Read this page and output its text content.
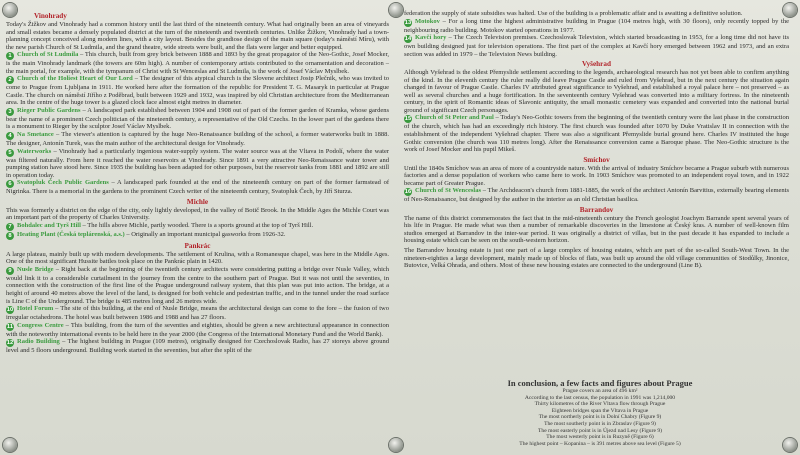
Vinohrady

Today's Žižkov and Vinohrady had a common history until the last third of the nineteenth century. What had originally been an area of vineyards and small estates became a densely populated district at the turn of the nineteenth and twentieth centuries. Unlike Žižkov, Vinohrady had a town-planning concept conceived along modern lines, with a city layout. Besides the grandiose design of the main square (today's náměstí Míru), with the new parish Church of St Ludmila, and the grand theatre, wide streets were built, and the flats were larger and better equipped.

1 Church of St Ludmila – This church, built from grey brick between 1888 and 1893 by the great propagator of the Neo-Gothic, Josef Mocker, is the main Vinohrady landmark (the towers are 60m high). A number of contemporary artists contributed to the ornamentation and decoration – the main portal, for example, with the tympanum of Christ with St Wenceslas and St Ludmila, is the work of Josef Václav Myslbek.

2 Church of the Holiest Heart of Our Lord – The designer of this atypical church is the Slovene architect Josip Plečnik, who was invited to come to Prague from Ljubljana in 1911. He worked here after the formation of the republic for President T. G. Masaryk in particular at Prague Castle. The church on náměstí Jiřího z Poděbrad, built between 1929 and 1932, was inspired by old Christian architecture from the Mediterranean area. In the centre of the huge tower is a glazed clock face almost eight metres in diameter.

3 Rieger Public Gardens – A landscaped park established between 1904 and 1908 out of part of the former garden of Kramka, whose gardens bear the name of a prominent Czech politician of the nineteenth century, a representative of the Old Czechs. In the lower part of the gardens there is a monument to Rieger by the sculptor Josef Václav Myslbek.

4 Na Smetance – The viewer's attention is captured by the huge Neo-Renaissance building of the school, a former waterworks built in 1888. The designer, Antonín Turek, was the main author of the architectural design for Vinohrady.

5 Waterworks – Vinohrady had a particularly ingenious water-supply system. The water source was at the Vltava in Podolí, where the water was filtered naturally. From here it reached the water reservoirs at Vinohrady. Since 1891 a very attractive Neo-Renaissance water tower and pumping station have stood here. Since 1935 the building has been adapted for other purposes, but the reservoir tanks from 1881 and 1892 are still in operation today.

6 Svatopluk Čech Public Gardens – A landscaped park founded at the end of the nineteenth century on part of the former farmstead of Nigrinka. There is a memorial in the gardens to the prominent Czech writer of the nineteenth century, Svatopluk Čech, by Jiří Sturza.

Michle

This was formerly a district on the edge of the city, only lightly developed, in the valley of Botič Brook. In the Middle Ages the Michle Court was an important part of the property of Charles University.

7 Bohdalec and Tyrš Hill – The hills above Michle, partly wooded. There is a sports ground at the top of Tyrš Hill.

8 Heating Plant (Česká teplárenská, a.s.) – Originally an important municipal gasworks from 1926-32.

Pankrác

A large plateau, mainly built up with modern developments. The settlement of Krulina, with a Romanesque chapel, was here in the Middle Ages. One of the most significant Hussite battles took place on the Pankrác plain in 1420.

9 Nusle Bridge – Right back at the beginning of the twentieth century architects were considering putting a bridge over Nusle Valley, which would link it to a considerable curtailment in the journey from the centre to the southern part of Prague. But it was not until the seventies, in connection with the construction of the first line of the Prague underground railway system, that this plan was put into action. The bridge, at a height of around 40 metres above the level of the land, is designed for both vehicle and pedestrian traffic, and in the tunnel under the road surface is Line C of the Underground. The bridge is 485 metres long and 26 metres wide.

10 Hotel Forum – The site of this building, at the end of Nusle Bridge, means the architectural design can come to the fore – the fusion of two irregular octahedrons. The hotel was built between 1986 and 1988 and has 27 floors.

11 Congress Centre – This building, from the turn of the seventies and eighties, should be given a new architectural appearance in connection with the noteworthy international events to be held here in the year 2000 (the Congress of the International Monetary Fund and the World Bank).

12 Radio Building – The highest building in Prague (109 metres), originally designed for Czechoslovak Radio, has 27 storeys above ground level and 5 floors underground. Building work started in the seventies, but after the split of the

federation the supply of state subsidies was halted. Use of the building is a problematic affair and is awaiting a definitive solution.

13 Motokov – For a long time the highest administrative building in Prague (104 metres high, with 30 floors), only recently topped by the neighbouring radio building. Motokov started operations in 1977.

14 Kavčí hory – The Czech Television premises. Czechoslovak Television, which started broadcasting in 1953, for a long time did not have its own building designed just for television operations. The first part of the complex at Kavčí hory emerged between 1962 and 1973, and an extra section was added in 1979 – the Television News building.

Vyšehrad

Although Vyšehrad is the oldest Přemyslide settlement according to the legends, archaeological research has not yet been able to confirm anything of the kind. In the eleventh century the ruler really did leave Prague Castle and ruled from Vyšehrad, but in the next century the situation again changed in favour of Prague Castle. Charles IV attributed great significance to Vyšehrad, and established a royal palace here – not preserved – as well as several churches and a huge fortification. In the seventeenth century Vyšehrad was converted into a military fortress. In the nineteenth century, in the spirit of Romantic ideas of Slavonic antiquity, the small monastic cemetery was expanded and converted into the national burial ground of significant Czech personages.

15 Church of St Peter and Paul – Today's Neo-Gothic towers from the beginning of the twentieth century were the last phase in the construction of the church, which has had an exceedingly rich history. The first church was founded after 1070 by Duke Vratislav II in connection with the establishment of the independent Vyšehrad chapter. There was also a significant Přemyslide burial ground here. Charles IV instituted the huge Gothic conversion (the church was 110 metres long). After the Renaissance conversion came a Baroque phase. The Neo-Gothic structure is the work of Josef Mocker and his pupil Mikeš.

Smíchov

Until the 1840s Smíchov was an area of more of a countryside nature. With the arrival of industry Smíchov became a Prague suburb with numerous factories and a dense population of workers who came here to work. In 1903 Smíchov was promoted to an independent royal town, and in 1922 became part of Greater Prague.

16 Church of St Wenceslas – The Archdeacon's church from 1881-1885, the work of the architect Antonín Barvitius, externally bearing elements of Neo-Renaissance, but designed by the author in the interior as an old Christian basilica.

Barrandov

The name of this district commemorates the fact that in the mid-nineteenth century the French geologist Joachym Barrande spent several years of his life in Prague. He made what was then a number of remarkable discoveries in the limestone at Český kras. A number of well-known film studios emerged at Barrandov in the inter-war period. It was originally a district of villas, but in the past decade it has expanded to include a housing estate which can be seen on the south-western horizon.

The Barrandov housing estate is just one part of a large complex of housing estates, which are part of the so-called South-West Town. In the nineteen-eighties a large development, mainly made up of blocks of flats, was built up around the old village communities of Stodůlky, Jinonice, Butovice, Velká Ohrada, and others. Most of these new housing estates are connected to the underground (Line B).

In conclusion, a few facts and figures about Prague
Prague covers an area of 496 km²
According to the last census, the population in 1991 was 1,214,000
Thirty kilometres of the River Vltava flow through Prague
Eighteen bridges span the Vltava in Prague
The most northerly point is in Dolní Chabry (Figure 9)
The most southerly point is in Zbraslav (Figure 9)
The most easterly point is in Újezd nad Lesy (Figure 9)
The most westerly point is in Ruzyně (Figure 6)
The highest point – Kopanina – is 391 metres above sea level (Figure 5)
